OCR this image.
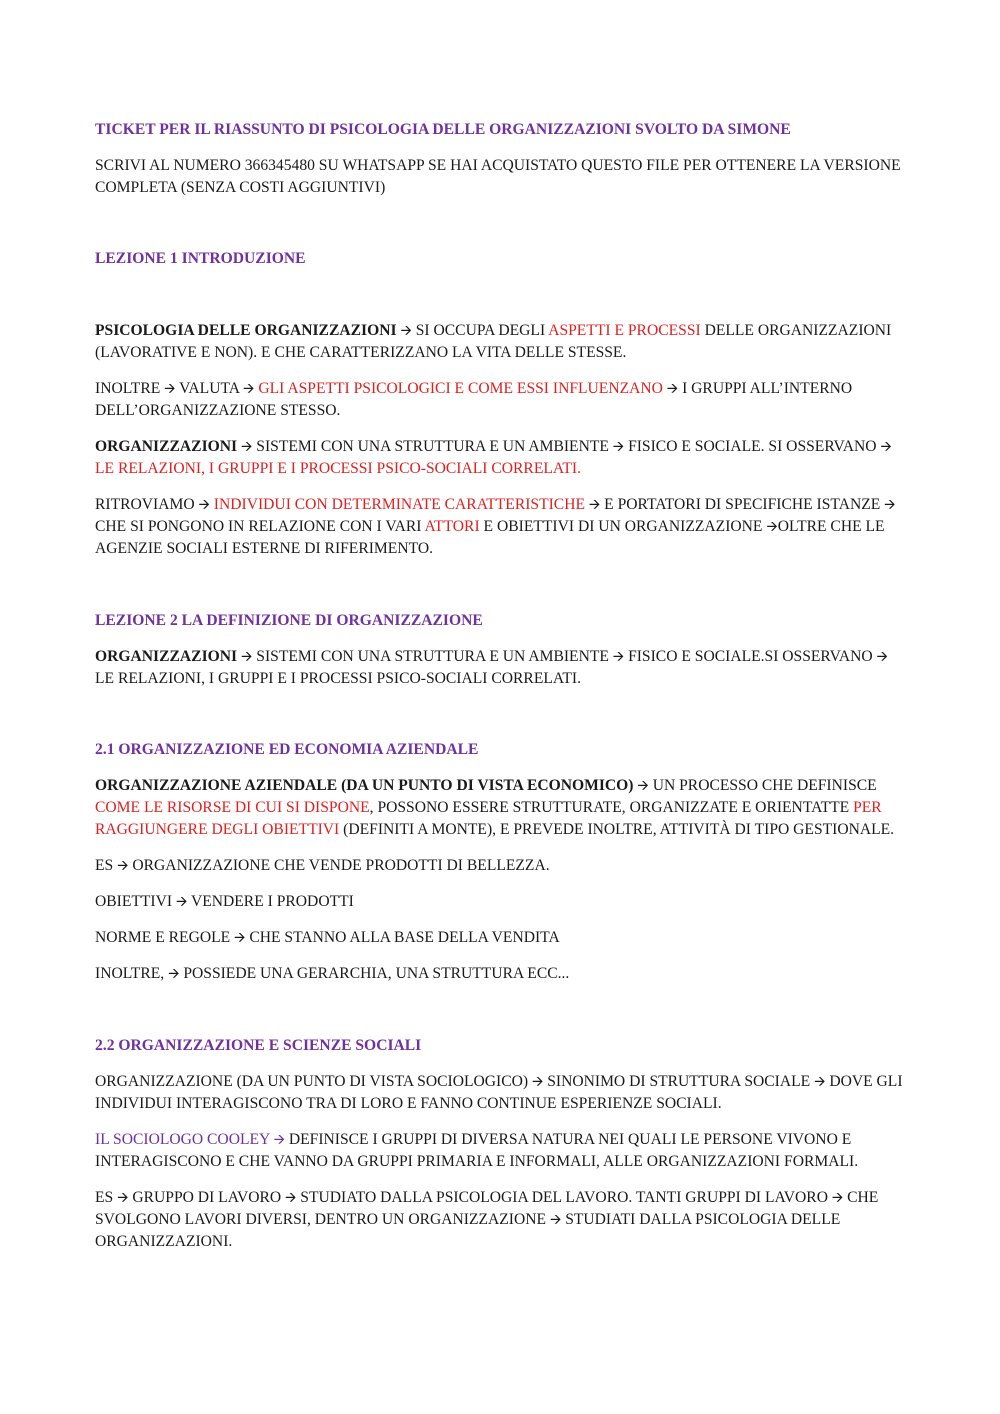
TICKET PER IL RIASSUNTO DI PSICOLOGIA DELLE ORGANIZZAZIONI SVOLTO DA SIMONE

SCRIVI AL NUMERO 366345480 SU WHATSAPP SE HAI ACQUISTATO QUESTO FILE PER OTTENERE LA VERSIONE COMPLETA (SENZA COSTI AGGIUNTIVI)

LEZIONE 1 INTRODUZIONE

PSICOLOGIA DELLE ORGANIZZAZIONI 🡪 SI OCCUPA DEGLI ASPETTI E PROCESSI DELLE ORGANIZZAZIONI (LAVORATIVE E NON). E CHE CARATTERIZZANO LA VITA DELLE STESSE.

INOLTRE 🡪 VALUTA 🡪 GLI ASPETTI PSICOLOGICI E COME ESSI INFLUENZANO 🡪 I GRUPPI ALL’INTERNO DELL’ORGANIZZAZIONE STESSO.

ORGANIZZAZIONI 🡪 SISTEMI CON UNA STRUTTURA E UN AMBIENTE 🡪 FISICO E SOCIALE. SI OSSERVANO 🡪 LE RELAZIONI, I GRUPPI E I PROCESSI PSICO-SOCIALI CORRELATI.

RITROVIAMO 🡪 INDIVIDUI CON DETERMINATE CARATTERISTICHE 🡪 E PORTATORI DI SPECIFICHE ISTANZE 🡪 CHE SI PONGONO IN RELAZIONE CON I VARI ATTORI E OBIETTIVI DI UN ORGANIZZAZIONE 🡪OLTRE CHE LE AGENZIE SOCIALI ESTERNE DI RIFERIMENTO.

LEZIONE 2 LA DEFINIZIONE DI ORGANIZZAZIONE

ORGANIZZAZIONI 🡪 SISTEMI CON UNA STRUTTURA E UN AMBIENTE 🡪 FISICO E SOCIALE.SI OSSERVANO 🡪 LE RELAZIONI, I GRUPPI E I PROCESSI PSICO-SOCIALI CORRELATI.

2.1 ORGANIZZAZIONE ED ECONOMIA AZIENDALE

ORGANIZZAZIONE AZIENDALE (DA UN PUNTO DI VISTA ECONOMICO) 🡪 UN PROCESSO CHE DEFINISCE COME LE RISORSE DI CUI SI DISPONE, POSSONO ESSERE STRUTTURATE, ORGANIZZATE E ORIENTATTE PER RAGGIUNGERE DEGLI OBIETTIVI (DEFINITI A MONTE), E PREVEDE INOLTRE, ATTIVITÀ DI TIPO GESTIONALE.

ES 🡪 ORGANIZZAZIONE CHE VENDE PRODOTTI DI BELLEZZA.

OBIETTIVI 🡪 VENDERE I PRODOTTI

NORME E REGOLE 🡪 CHE STANNO ALLA BASE DELLA VENDITA

INOLTRE, 🡪 POSSIEDE UNA GERARCHIA, UNA STRUTTURA ECC...

2.2 ORGANIZZAZIONE E SCIENZE SOCIALI

ORGANIZZAZIONE (DA UN PUNTO DI VISTA SOCIOLOGICO) 🡪 SINONIMO DI STRUTTURA SOCIALE 🡪 DOVE GLI INDIVIDUI INTERAGISCONO TRA DI LORO E FANNO CONTINUE ESPERIENZE SOCIALI.

IL SOCIOLOGO COOLEY 🡪 DEFINISCE I GRUPPI DI DIVERSA NATURA NEI QUALI LE PERSONE VIVONO E INTERAGISCONO E CHE VANNO DA GRUPPI PRIMARIA E INFORMALI, ALLE ORGANIZZAZIONI FORMALI.

ES 🡪 GRUPPO DI LAVORO 🡪 STUDIATO DALLA PSICOLOGIA DEL LAVORO. TANTI GRUPPI DI LAVORO 🡪 CHE SVOLGONO LAVORI DIVERSI, DENTRO UN ORGANIZZAZIONE 🡪 STUDIATI DALLA PSICOLOGIA DELLE ORGANIZZAZIONI.
